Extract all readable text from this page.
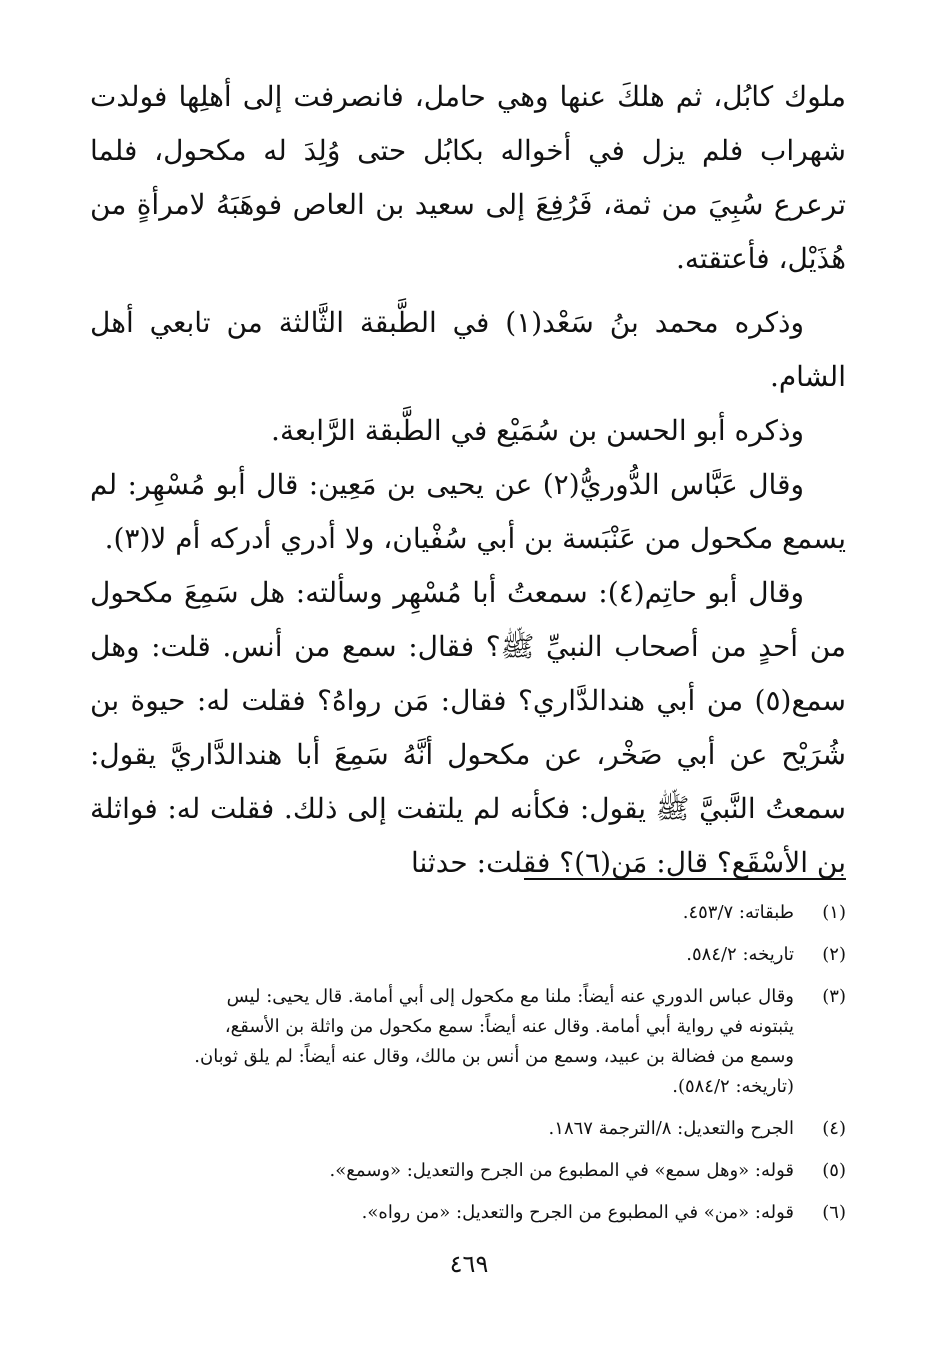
ملوك كابُل، ثم هلكَ عنها وهي حامل، فانصرفت إلى أهلِها فولدت شهراب فلم يزل في أخواله بكابُل حتى وُلِدَ له مكحول، فلما ترعرع سُبِيَ من ثمة، فَرُفِعَ إلى سعيد بن العاص فوهَبَهُ لامرأةٍ من هُذَيْل، فأعتقته.

وذكره محمد بنُ سَعْد(١) في الطَّبقة الثَّالثة من تابعي أهل الشام.

وذكره أبو الحسن بن سُمَيْع في الطَّبقة الرَّابعة.

وقال عَبَّاس الدُّوريُّ(٢) عن يحيى بن مَعِين: قال أبو مُسْهِر: لم يسمع مكحول من عَنْبَسة بن أبي سُفْيان، ولا أدري أدركه أم لا(٣).

وقال أبو حاتِم(٤): سمعتُ أبا مُسْهِر وسألته: هل سَمِعَ مكحول من أحدٍ من أصحاب النبيِّ ﷺ؟ فقال: سمع من أنس. قلت: وهل سمع(٥) من أبي هندالدَّاري؟ فقال: مَن رواهُ؟ فقلت له: حيوة بن شُرَيْح عن أبي صَخْر، عن مكحول أنَّهُ سَمِعَ أبا هندالدَّاريَّ يقول: سمعتُ النَّبيَّ ﷺ يقول: فكأنه لم يلتفت إلى ذلك. فقلت له: فواثلة بن الأسْقَع؟ قال: مَن(٦)؟ فقلت: حدثنا

(١)
طبقاته: ٤٥٣/٧.
(٢)
تاريخه: ٥٨٤/٢.
(٣)
وقال عباس الدوري عنه أيضاً: ملنا مع مكحول إلى أبي أمامة. قال يحيى: ليس
يثبتونه في رواية أبي أمامة. وقال عنه أيضاً: سمع مكحول من واثلة بن الأسقع،
وسمع من فضالة بن عبيد، وسمع من أنس بن مالك، وقال عنه أيضاً: لم يلق ثوبان.
(تاريخه: ٥٨٤/٢).
(٤)
الجرح والتعديل: ٨/الترجمة ١٨٦٧.
(٥)
قوله: «وهل سمع» في المطبوع من الجرح والتعديل: «وسمع».
(٦)
قوله: «من» في المطبوع من الجرح والتعديل: «من رواه».
٤٦٩
